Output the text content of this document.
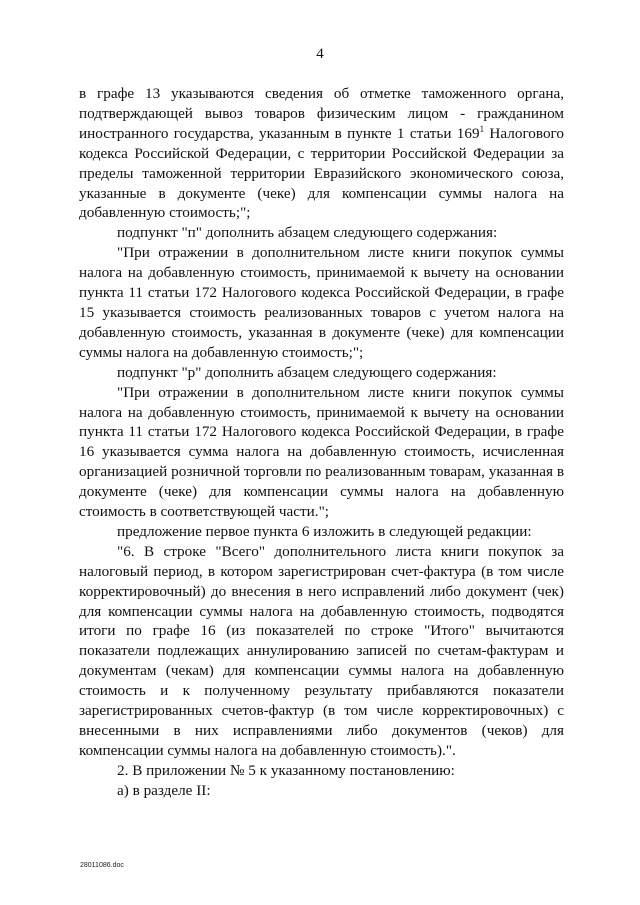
4

в графе 13 указываются сведения об отметке таможенного органа, подтверждающей вывоз товаров физическим лицом - гражданином иностранного государства, указанным в пункте 1 статьи $169^1$ Налогового кодекса Российской Федерации, с территории Российской Федерации за пределы таможенной территории Евразийского экономического союза, указанные в документе (чеке) для компенсации суммы налога на добавленную стоимость;";

подпункт "п" дополнить абзацем следующего содержания:

"При отражении в дополнительном листе книги покупок суммы налога на добавленную стоимость, принимаемой к вычету на основании пункта 11 статьи 172 Налогового кодекса Российской Федерации, в графе 15 указывается стоимость реализованных товаров с учетом налога на добавленную стоимость, указанная в документе (чеке) для компенсации суммы налога на добавленную стоимость;";

подпункт "р" дополнить абзацем следующего содержания:

"При отражении в дополнительном листе книги покупок суммы налога на добавленную стоимость, принимаемой к вычету на основании пункта 11 статьи 172 Налогового кодекса Российской Федерации, в графе 16 указывается сумма налога на добавленную стоимость, исчисленная организацией розничной торговли по реализованным товарам, указанная в документе (чеке) для компенсации суммы налога на добавленную стоимость в соответствующей части.";

предложение первое пункта 6 изложить в следующей редакции:

"6. В строке "Всего" дополнительного листа книги покупок за налоговый период, в котором зарегистрирован счет-фактура (в том числе корректировочный) до внесения в него исправлений либо документ (чек) для компенсации суммы налога на добавленную стоимость, подводятся итоги по графе 16 (из показателей по строке "Итого" вычитаются показатели подлежащих аннулированию записей по счетам-фактурам и документам (чекам) для компенсации суммы налога на добавленную стоимость и к полученному результату прибавляются показатели зарегистрированных счетов-фактур (в том числе корректировочных) с внесенными в них исправлениями либо документов (чеков) для компенсации суммы налога на добавленную стоимость).".

2. В приложении № 5 к указанному постановлению:

а) в разделе II:

28011086.doc
